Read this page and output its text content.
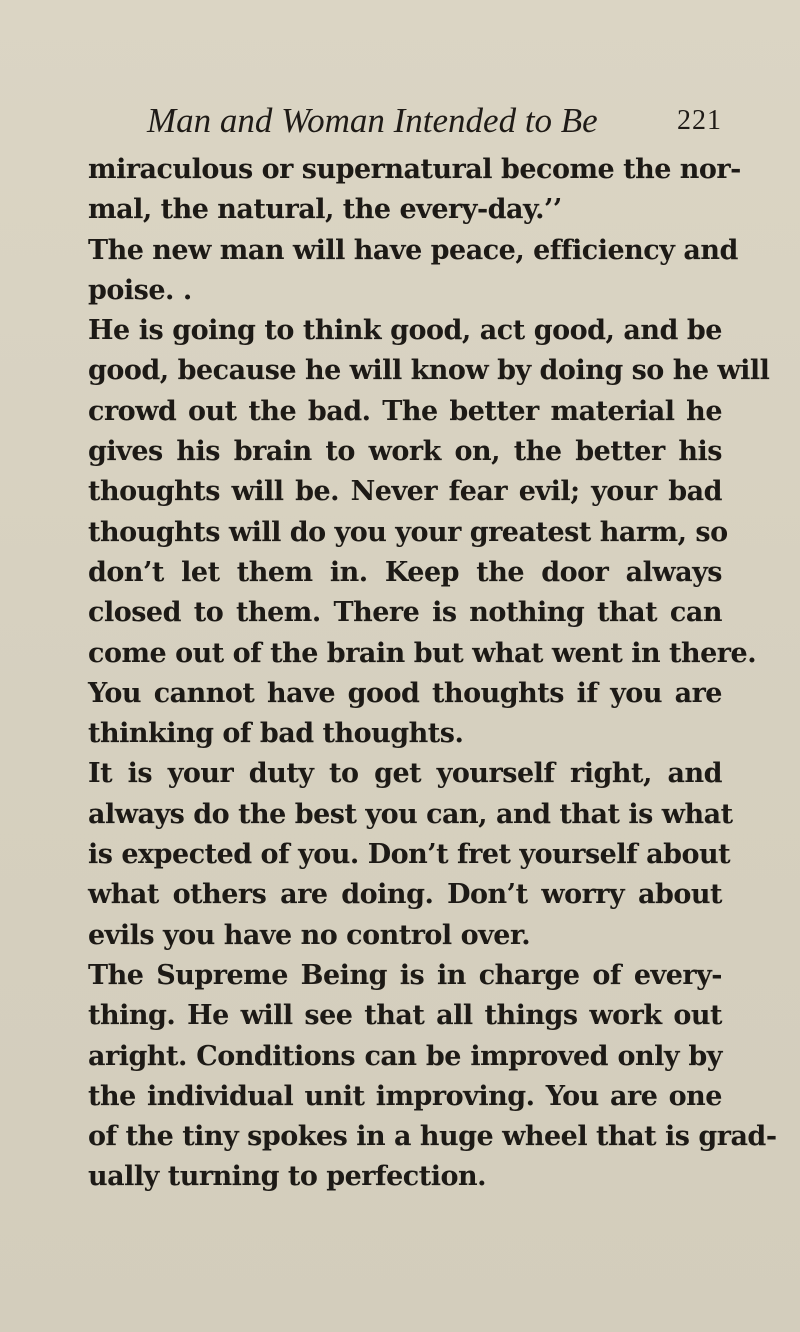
Man and Woman Intended to Be	221
miraculous or supernatural become the nor-
mal, the natural, the every-day.’’
The new man will have peace, efficiency and
poise. .
He is going to think good, act good, and be
good, because he will know by doing so he will
crowd out the bad. The better material he
gives his brain to work on, the better his
thoughts will be. Never fear evil; your bad
thoughts will do you your greatest harm, so
don’t let them in. Keep the door always
closed to them. There is nothing that can
come out of the brain but what went in there.
You cannot have good thoughts if you are
thinking of bad thoughts.
It is your duty to get yourself right, and
always do the best you can, and that is what
is expected of you. Don’t fret yourself about
what others are doing. Don’t worry about
evils you have no control over.
The Supreme Being is in charge of every-
thing. He will see that all things work out
aright. Conditions can be improved only by
the individual unit improving. You are one
of the tiny spokes in a huge wheel that is grad-
ually turning to perfection.
